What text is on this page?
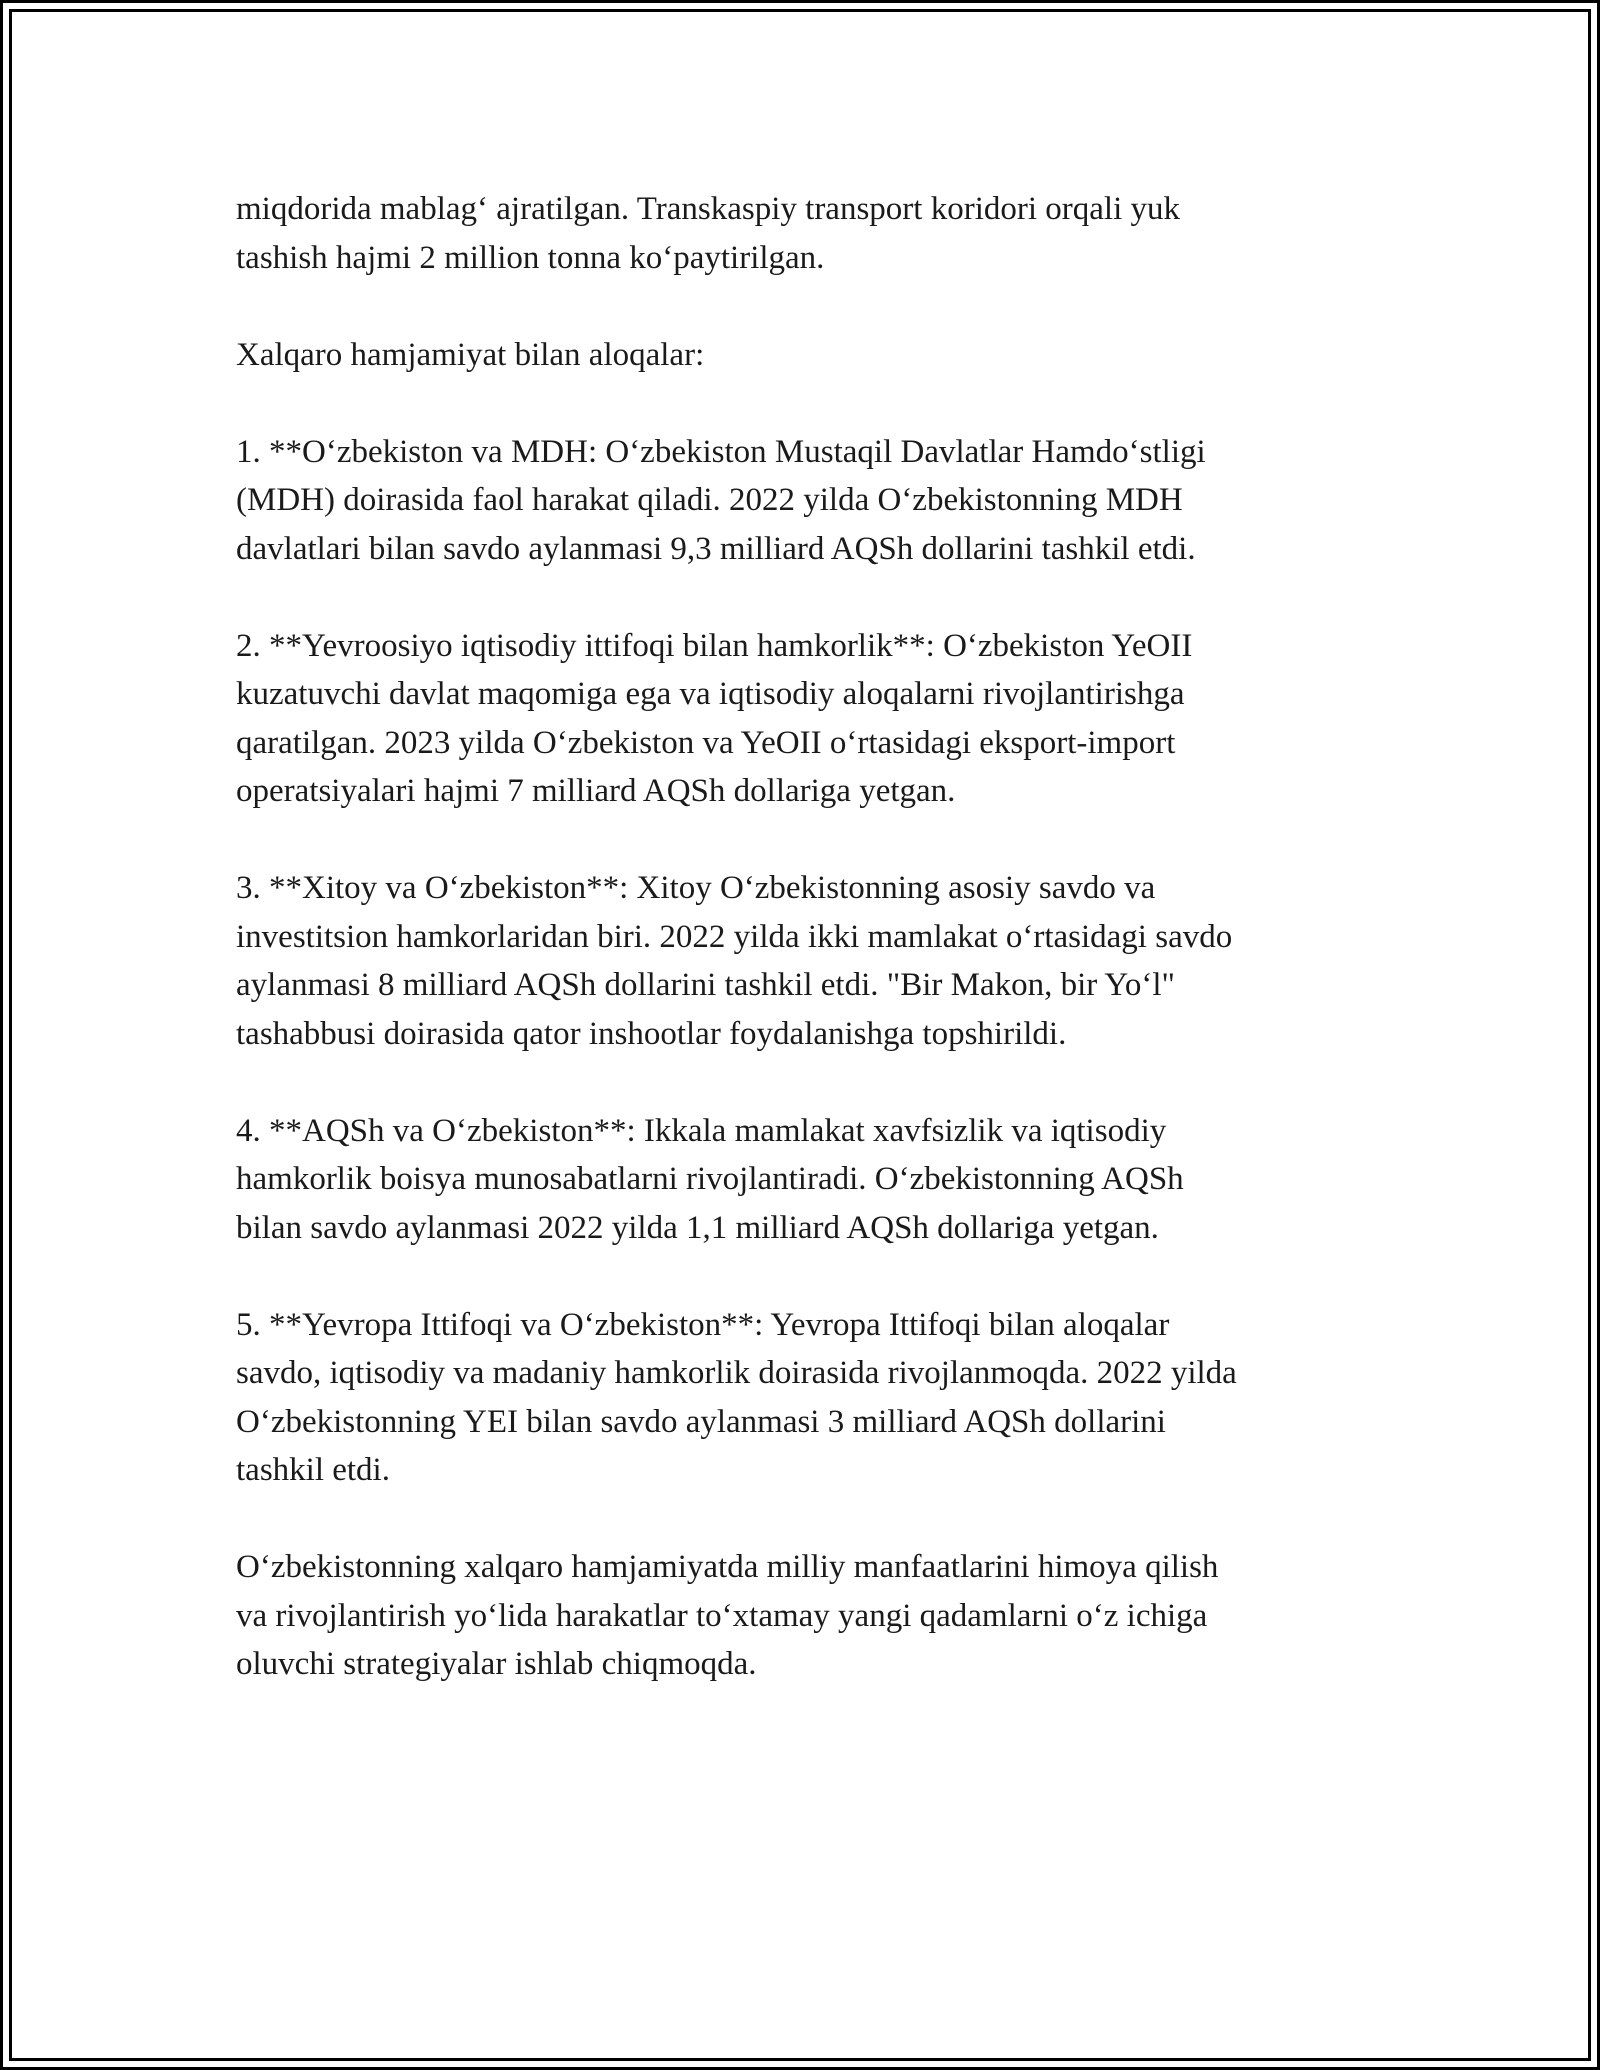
miqdorida mablag‘ ajratilgan. Transkaspiy transport koridori orqali yuk
tashish hajmi 2 million tonna ko‘paytirilgan.

Xalqaro hamjamiyat bilan aloqalar:

1. **O‘zbekiston va MDH: O‘zbekiston Mustaqil Davlatlar Hamdo‘stligi
(MDH) doirasida faol harakat qiladi. 2022 yilda O‘zbekistonning MDH
davlatlari bilan savdo aylanmasi 9,3 milliard AQSh dollarini tashkil etdi.

2. **Yevroosiyo iqtisodiy ittifoqi bilan hamkorlik**: O‘zbekiston YeOII
kuzatuvchi davlat maqomiga ega va iqtisodiy aloqalarni rivojlantirishga
qaratilgan. 2023 yilda O‘zbekiston va YeOII o‘rtasidagi eksport-import
operatsiyalari hajmi 7 milliard AQSh dollariga yetgan.

3. **Xitoy va O‘zbekiston**: Xitoy O‘zbekistonning asosiy savdo va
investitsion hamkorlaridan biri. 2022 yilda ikki mamlakat o‘rtasidagi savdo
aylanmasi 8 milliard AQSh dollarini tashkil etdi. "Bir Makon, bir Yo‘l"
tashabbusi doirasida qator inshootlar foydalanishga topshirildi.

4. **AQSh va O‘zbekiston**: Ikkala mamlakat xavfsizlik va iqtisodiy
hamkorlik boisya munosabatlarni rivojlantiradi. O‘zbekistonning AQSh
bilan savdo aylanmasi 2022 yilda 1,1 milliard AQSh dollariga yetgan.

5. **Yevropa Ittifoqi va O‘zbekiston**: Yevropa Ittifoqi bilan aloqalar
savdo, iqtisodiy va madaniy hamkorlik doirasida rivojlanmoqda. 2022 yilda
O‘zbekistonning YEI bilan savdo aylanmasi 3 milliard AQSh dollarini
tashkil etdi.

O‘zbekistonning xalqaro hamjamiyatda milliy manfaatlarini himoya qilish
va rivojlantirish yo‘lida harakatlar to‘xtamay yangi qadamlarni o‘z ichiga
oluvchi strategiyalar ishlab chiqmoqda.
